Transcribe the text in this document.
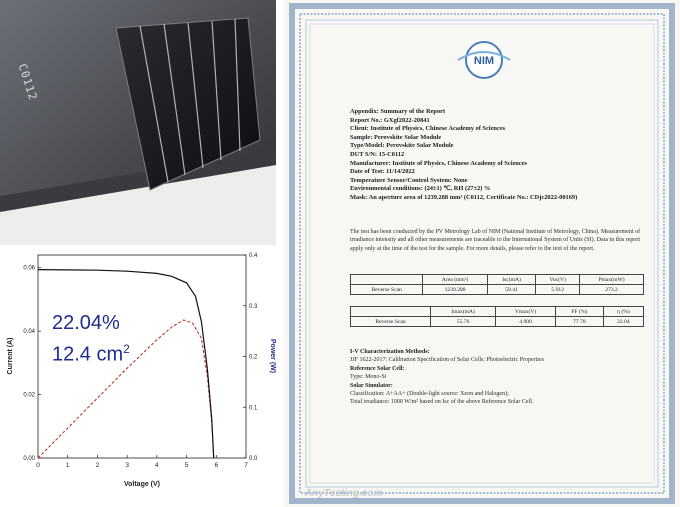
C0112
0	1	2	3	4	5	6	7
0.00
0.02
0.04
0.06
0.0
0.1
0.2
0.3
0.4
Voltage (V)
Current (A)	Power (W)
22.04%
12.4 $cm^2$
NIM
Appendix: Summary of the Report
Report No.: GXgf2022-20841
Client: Institute of Physics, Chinese Academy of Sciences
Sample: Perovskite Solar Module
Type/Model: Perovskite Solar Module
DUT S/N: 15-C0112
Manufacturer: Institute of Physics, Chinese Academy of Sciences
Date of Test: 11/14/2022
Temperature Sensor/Control System: None
Environmental conditions: (24±1) ℃, RH (27±2) %
Mask: An aperture area of 1239.288 mm² (C0112, Certificate No.: CDjc2022-00169)
The test has been conducted by the PV Metrology Lab of NIM (National Institute of Metrology, China). Measurement of irradiance intensity and all other measurements are traceable to the International System of Units (SI). Data in this report apply only at the time of the test for the sample. For more details, please refer to the text of the report.
	Area (mm²)	Isc(mA)	Voc(V)	Pmax(mW)
Reverse Scan	1239.288	59.41	5.912	273.2
	Imax(mA)	Vmax(V)	FF (%)	η (%)
Reverse Scan	55.76	4.900	77.78	22.04
I-V Characterization Methods:
JJF 1622-2017: Calibration Specification of Solar Cells: Photoelectric Properties
Reference Solar Cell:
Type: Mono-Si
Solar Simulator:
Classification: A+AA+ (Double-light source: Xeon and Halogen);
Total irradiance: 1000 W/m² based on Isc of the above Reference Solar Cell.
AnyTesting.com
